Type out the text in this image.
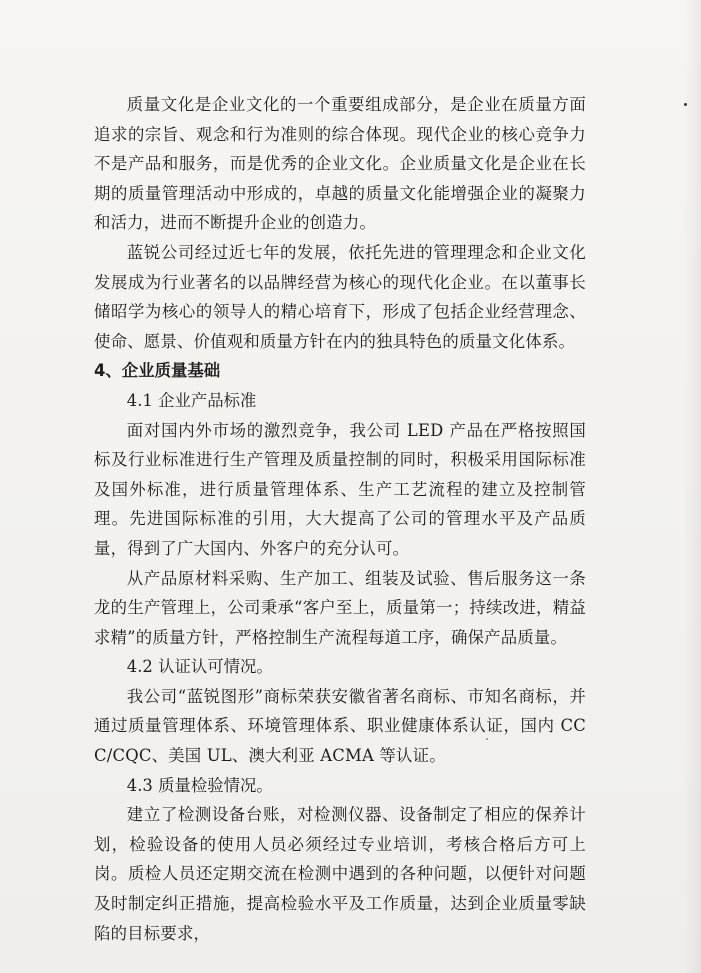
质量文化是企业文化的一个重要组成部分，是企业在质量方面追求的宗旨、观念和行为准则的综合体现。现代企业的核心竞争力不是产品和服务，而是优秀的企业文化。企业质量文化是企业在长期的质量管理活动中形成的，卓越的质量文化能增强企业的凝聚力和活力，进而不断提升企业的创造力。

蓝锐公司经过近七年的发展，依托先进的管理理念和企业文化发展成为行业著名的以品牌经营为核心的现代化企业。在以董事长储昭学为核心的领导人的精心培育下，形成了包括企业经营理念、使命、愿景、价值观和质量方针在内的独具特色的质量文化体系。

4、企业质量基础

4.1 企业产品标准

面对国内外市场的激烈竞争，我公司 LED 产品在严格按照国标及行业标准进行生产管理及质量控制的同时，积极采用国际标准及国外标准，进行质量管理体系、生产工艺流程的建立及控制管理。先进国际标准的引用，大大提高了公司的管理水平及产品质量，得到了广大国内、外客户的充分认可。

从产品原材料采购、生产加工、组装及试验、售后服务这一条龙的生产管理上，公司秉承“客户至上，质量第一；持续改进，精益求精”的质量方针，严格控制生产流程每道工序，确保产品质量。

4.2 认证认可情况。

我公司“蓝锐图形”商标荣获安徽省著名商标、市知名商标，并通过质量管理体系、环境管理体系、职业健康体系认证，国内 CCC/CQC、美国 UL、澳大利亚 ACMA 等认证。

4.3 质量检验情况。

建立了检测设备台账，对检测仪器、设备制定了相应的保养计划，检验设备的使用人员必须经过专业培训，考核合格后方可上岗。质检人员还定期交流在检测中遇到的各种问题，以便针对问题及时制定纠正措施，提高检验水平及工作质量，达到企业质量零缺陷的目标要求，
